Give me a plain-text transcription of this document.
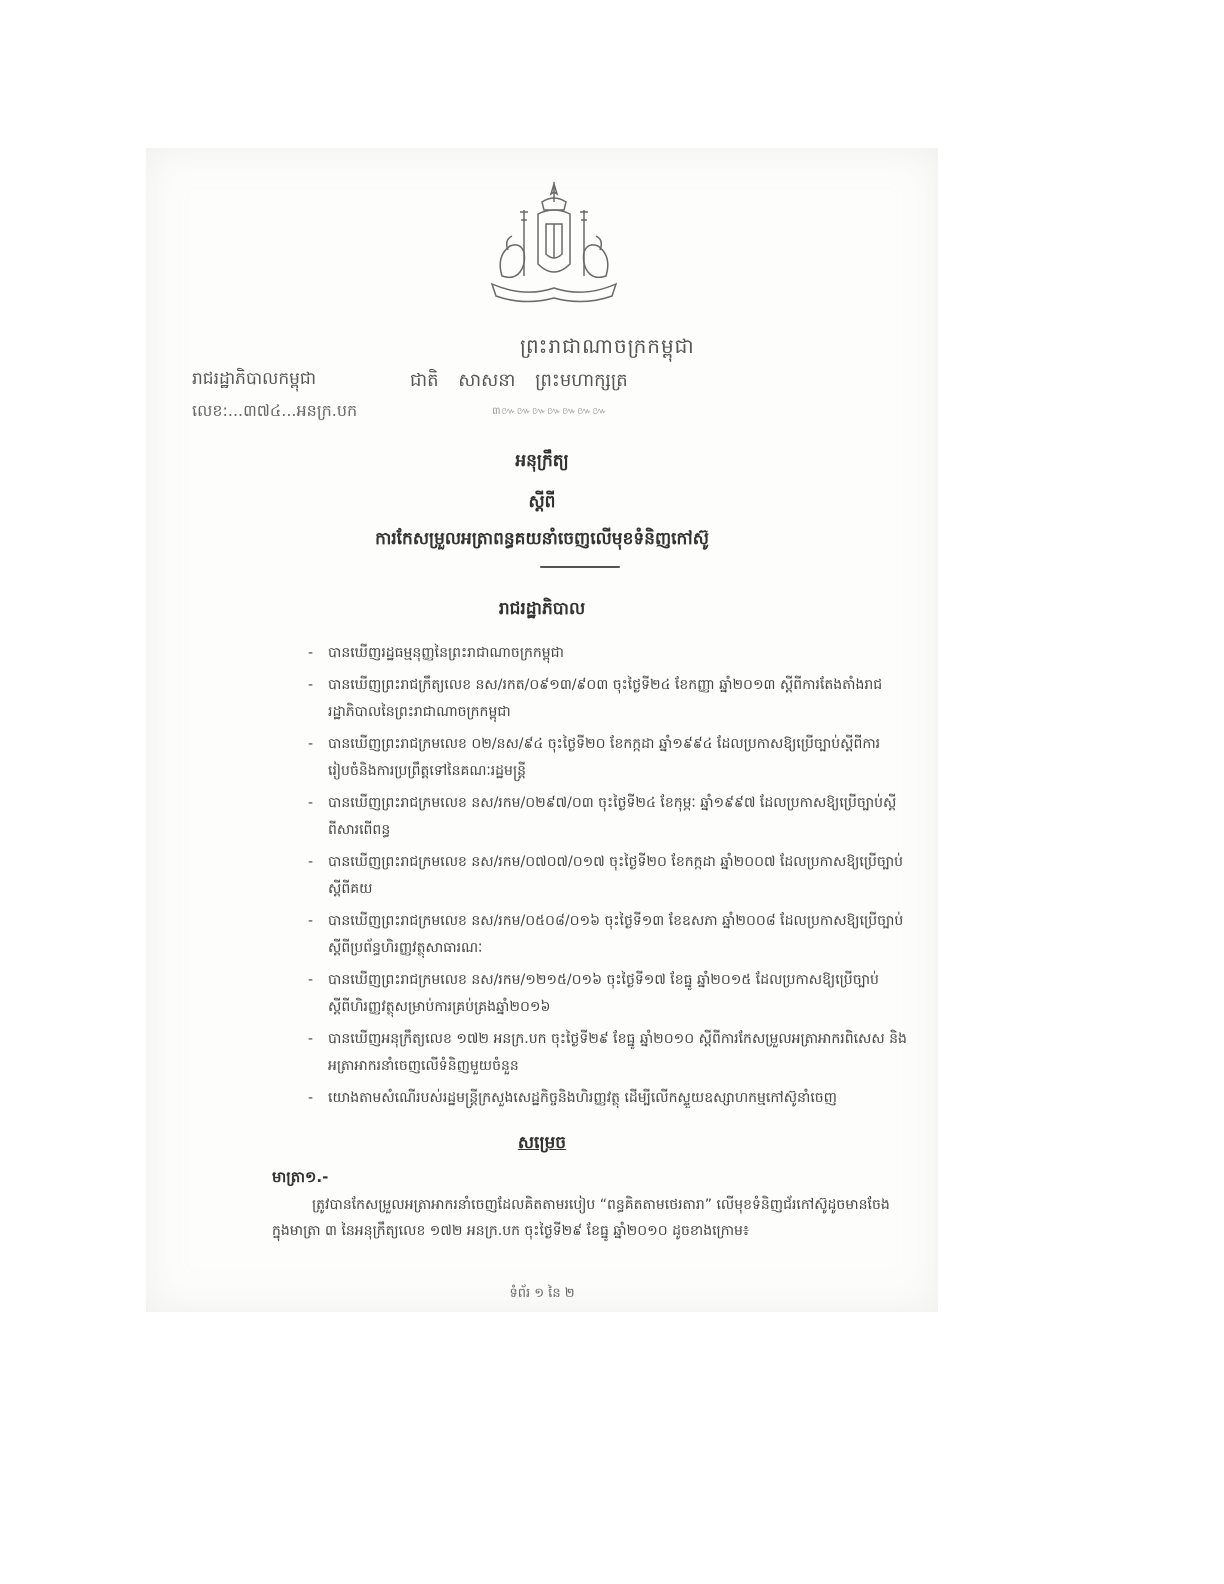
ព្រះរាជាណាចក្រកម្ពុជា
ជាតិ សាសនា ព្រះមហាក្សត្រ
៣៚៚៚៚៚៚៚
រាជរដ្ឋាភិបាលកម្ពុជា
លេខ:...៣៧៤...អនក្រ.បក
អនុក្រឹត្យ
ស្តីពី
ការកែសម្រួលអត្រាពន្ធគយនាំចេញលើមុខទំនិញកៅស៊ូ
រាជរដ្ឋាភិបាល
- បានឃើញរដ្ឋធម្មនុញ្ញនៃព្រះរាជាណាចក្រកម្ពុជា
- បានឃើញព្រះរាជក្រឹត្យលេខ នស/រកត/០៩១៣/៩០៣ ចុះថ្ងៃទី២៤ ខែកញ្ញា ឆ្នាំ២០១៣ ស្តីពីការតែងតាំងរាជរដ្ឋាភិបាលនៃព្រះរាជាណាចក្រកម្ពុជា
- បានឃើញព្រះរាជក្រមលេខ ០២/នស/៩៤ ចុះថ្ងៃទី២០ ខែកក្កដា ឆ្នាំ១៩៩៤ ដែលប្រកាសឱ្យប្រើច្បាប់ស្តីពីការរៀបចំនិងការប្រព្រឹត្តទៅនៃគណៈរដ្ឋមន្ត្រី
- បានឃើញព្រះរាជក្រមលេខ នស/រកម/០២៩៧/០៣ ចុះថ្ងៃទី២៤ ខែកុម្ភៈ ឆ្នាំ១៩៩៧ ដែលប្រកាសឱ្យប្រើច្បាប់ស្តីពីសារពើពន្ធ
- បានឃើញព្រះរាជក្រមលេខ នស/រកម/០៧០៧/០១៧ ចុះថ្ងៃទី២០ ខែកក្កដា ឆ្នាំ២០០៧ ដែលប្រកាសឱ្យប្រើច្បាប់ស្តីពីគយ
- បានឃើញព្រះរាជក្រមលេខ នស/រកម/០៥០៨/០១៦ ចុះថ្ងៃទី១៣ ខែឧសភា ឆ្នាំ២០០៨ ដែលប្រកាសឱ្យប្រើច្បាប់ស្តីពីប្រព័ន្ធហិរញ្ញវត្ថុសាធារណៈ
- បានឃើញព្រះរាជក្រមលេខ នស/រកម/១២១៥/០១៦ ចុះថ្ងៃទី១៧ ខែធ្នូ ឆ្នាំ២០១៥ ដែលប្រកាសឱ្យប្រើច្បាប់ស្តីពីហិរញ្ញវត្ថុសម្រាប់ការគ្រប់គ្រងឆ្នាំ២០១៦
- បានឃើញអនុក្រឹត្យលេខ ១៧២ អនក្រ.បក ចុះថ្ងៃទី២៩ ខែធ្នូ ឆ្នាំ២០១០ ស្តីពីការកែសម្រួលអត្រាអាករពិសេស និងអត្រាអាករនាំចេញលើទំនិញមួយចំនួន
- យោងតាមសំណើរបស់រដ្ឋមន្ត្រីក្រសួងសេដ្ឋកិច្ចនិងហិរញ្ញវត្ថុ ដើម្បីលើកស្ទួយឧស្សាហកម្មកៅស៊ូនាំចេញ
សម្រេច
មាត្រា១.-

ត្រូវបានកែសម្រួលអត្រាអាករនាំចេញដែលគិតតាមរបៀប “ពន្ធគិតតាមថេរតារា” លើមុខទំនិញជ័រកៅស៊ូដូចមានចែងក្នុងមាត្រា ៣ នៃអនុក្រឹត្យលេខ ១៧២ អនក្រ.បក ចុះថ្ងៃទី២៩ ខែធ្នូ ឆ្នាំ២០១០ ដូចខាងក្រោម៖

ទំព័រ ១ នៃ ២
